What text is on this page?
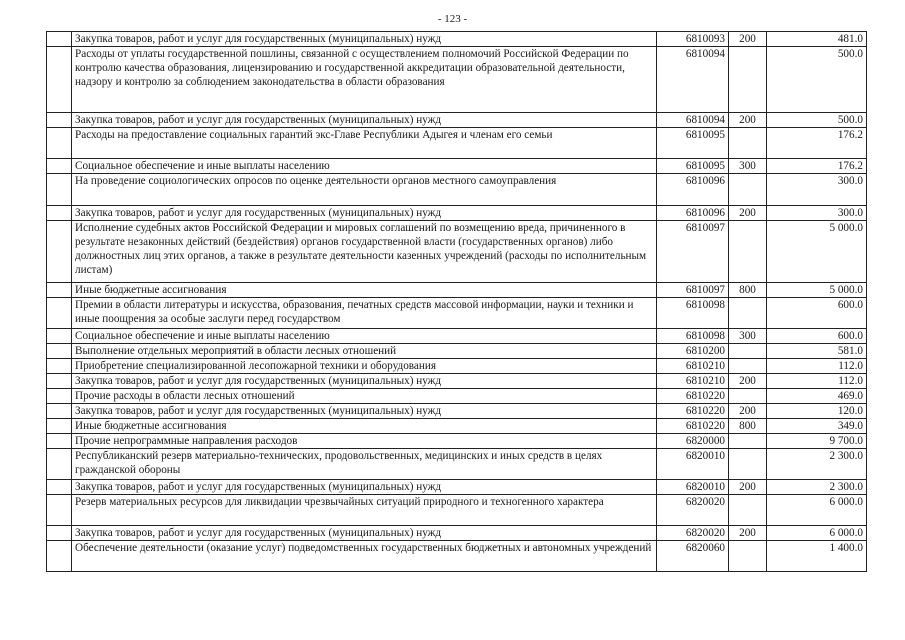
- 123 -
	Закупка товаров, работ и услуг для государственных (муниципальных) нужд	6810093	200	481.0
	Расходы от уплаты государственной пошлины, связанной с осуществлением полномочий Российской Федерации по контролю качества образования, лицензированию и государственной аккредитации образовательной деятельности, надзору и контролю за соблюдением законодательства в области образования	6810094		500.0
	Закупка товаров, работ и услуг для государственных (муниципальных) нужд	6810094	200	500.0
	Расходы на предоставление социальных гарантий экс-Главе Республики Адыгея и членам его семьи	6810095		176.2
	Социальное обеспечение и иные выплаты населению	6810095	300	176.2
	На проведение социологических опросов по оценке деятельности органов местного самоуправления	6810096		300.0
	Закупка товаров, работ и услуг для государственных (муниципальных) нужд	6810096	200	300.0
	Исполнение судебных актов Российской Федерации и мировых соглашений по возмещению вреда, причиненного в результате незаконных действий (бездействия) органов государственной власти (государственных органов) либо должностных лиц этих органов, а также в результате деятельности казенных учреждений (расходы по исполнительным листам)	6810097		5 000.0
	Иные бюджетные ассигнования	6810097	800	5 000.0
	Премии в области литературы и искусства, образования, печатных средств массовой информации, науки и техники и иные поощрения за особые заслуги перед государством	6810098		600.0
	Социальное обеспечение и иные выплаты населению	6810098	300	600.0
	Выполнение отдельных мероприятий в области лесных отношений	6810200		581.0
	Приобретение специализированной лесопожарной техники и оборудования	6810210		112.0
	Закупка товаров, работ и услуг для государственных (муниципальных) нужд	6810210	200	112.0
	Прочие расходы в области лесных отношений	6810220		469.0
	Закупка товаров, работ и услуг для государственных (муниципальных) нужд	6810220	200	120.0
	Иные бюджетные ассигнования	6810220	800	349.0
	Прочие непрограммные направления расходов	6820000		9 700.0
	Республиканский резерв материально-технических, продовольственных, медицинских и иных средств в целях гражданской обороны	6820010		2 300.0
	Закупка товаров, работ и услуг для государственных (муниципальных) нужд	6820010	200	2 300.0
	Резерв материальных ресурсов для ликвидации чрезвычайных ситуаций природного и техногенного характера	6820020		6 000.0
	Закупка товаров, работ и услуг для государственных (муниципальных) нужд	6820020	200	6 000.0
	Обеспечение деятельности (оказание услуг) подведомственных государственных бюджетных и автономных учреждений	6820060		1 400.0
